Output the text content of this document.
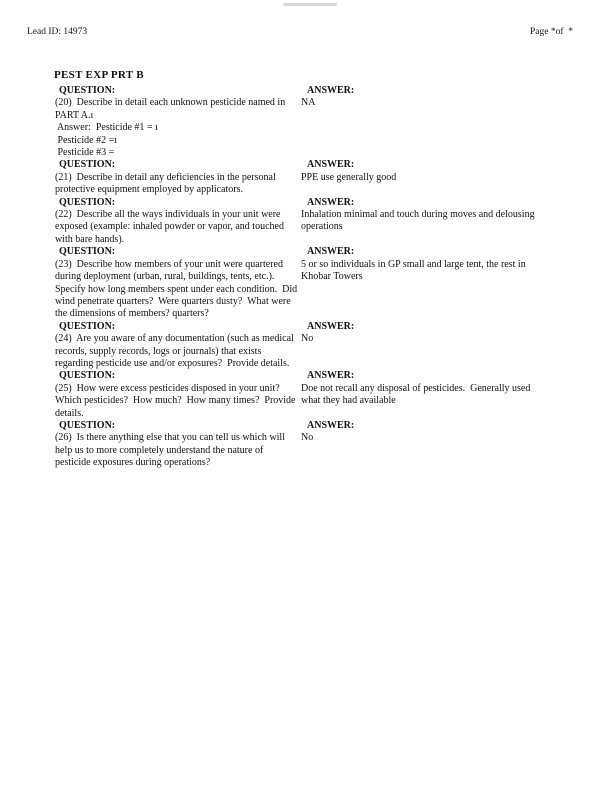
Lead ID: 14973	Page *of  *
PEST EXP PRT B
QUESTION:
(20)  Describe in detail each unknown pesticide named in
PART A.ı
Answer:  Pesticide #1 = ı
Pesticide #2 =ı
Pesticide #3 =
ANSWER:
NA
QUESTION:
(21)  Describe in detail any deficiencies in the personal
protective equipment employed by applicators.
ANSWER:
PPE use generally good
QUESTION:
(22)  Describe all the ways individuals in your unit were
exposed (example: inhaled powder or vapor, and touched
with bare hands).
ANSWER:
Inhalation minimal and touch during moves and delousing
operations
QUESTION:
(23)  Describe how members of your unit were quartered
during deployment (urban, rural, buildings, tents, etc.).
Specify how long members spent under each condition.  Did
wind penetrate quarters?  Were quarters dusty?  What were
the dimensions of members? quarters?
ANSWER:
5 or so individuals in GP small and large tent, the rest in
Khobar Towers
QUESTION:
(24)  Are you aware of any documentation (such as medical
records, supply records, logs or journals) that exists
regarding pesticide use and/or exposures?  Provide details.
ANSWER:
No
QUESTION:
(25)  How were excess pesticides disposed in your unit?
Which pesticides?  How much?  How many times?  Provide
details.
ANSWER:
Doe not recall any disposal of pesticides.  Generally used
what they had available
QUESTION:
(26)  Is there anything else that you can tell us which will
help us to more completely understand the nature of
pesticide exposures during operations?
ANSWER:
No
